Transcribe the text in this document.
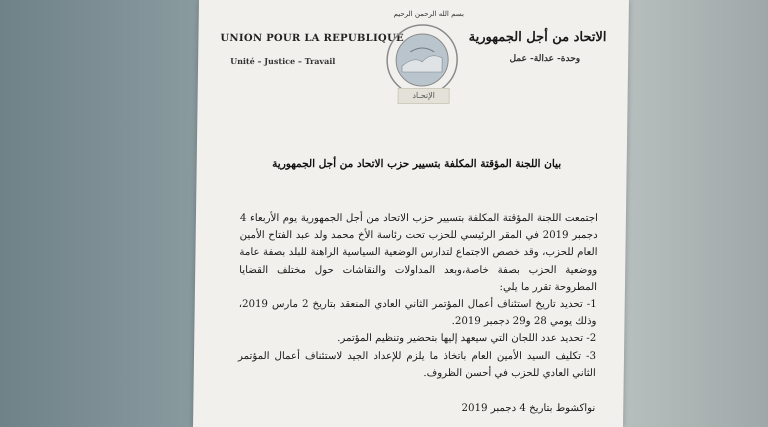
بسم الله الرحمن الرحيم
UNION POUR LA REPUBLIQUE
Unité – Justice – Travail
الاتحاد من أجل الجمهورية
وحدة- عدالة- عمل
الإتحـاد
بيان اللجنة المؤقتة المكلفة بتسيير حزب الاتحاد من أجل الجمهورية

اجتمعت اللجنة المؤقتة المكلفة بتسيير حزب الاتحاد من أجل الجمهورية يوم الأربعاء 4 دجمبر 2019 في المقر الرئيسي للحزب تحت رئاسة الأخ محمد ولد عبد الفتاح الأمين العام للحزب، وقد خصص الاجتماع لتدارس الوضعية السياسية الراهنة للبلد بصفة عامة ووضعية الحزب بصفة خاصة،وبعد المداولات والنقاشات حول مختلف القضايا المطروحة تقرر ما يلي:

1- تحديد تاريخ استئناف أعمال المؤتمر الثاني العادي المنعقد بتاريخ 2 مارس 2019، وذلك يومي 28 و29 دجمبر 2019.

2- تحديد عدد اللجان التي سيعهد إليها بتحضير وتنظيم المؤتمر.

3- تكليف السيد الأمين العام باتخاذ ما يلزم للإعداد الجيد لاستئناف أعمال المؤتمر الثاني العادي للحزب في أحسن الظروف.

نواكشوط بتاريخ 4 دجمبر 2019
